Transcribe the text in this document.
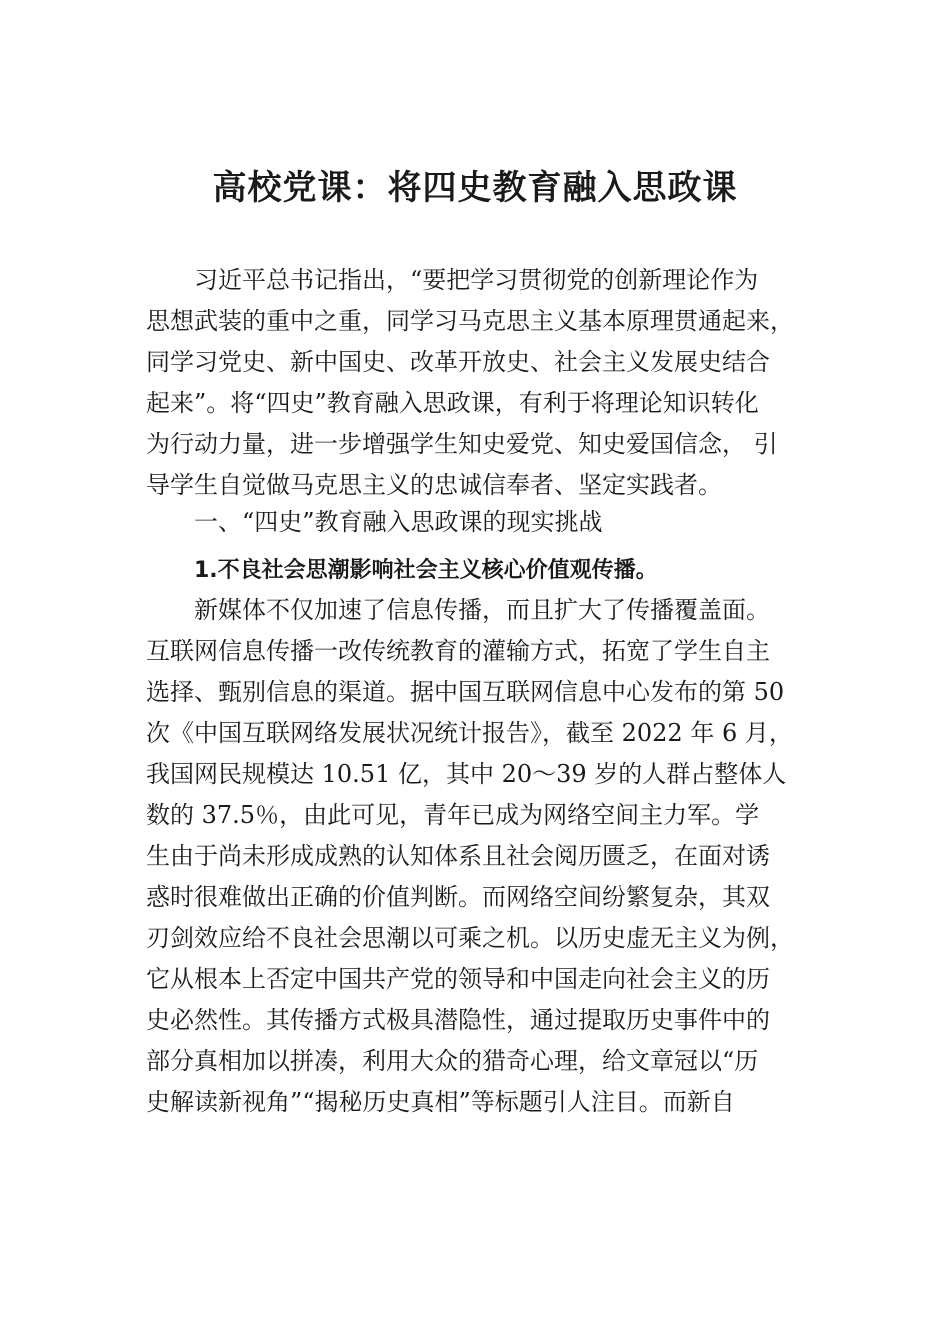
高校党课：将四史教育融入思政课

习近平总书记指出，“要把学习贯彻党的创新理论作为

思想武装的重中之重，同学习马克思主义基本原理贯通起来，

同学习党史、新中国史、改革开放史、社会主义发展史结合

起来”。将“四史”教育融入思政课，有利于将理论知识转化

为行动力量，进一步增强学生知史爱党、知史爱国信念， 引

导学生自觉做马克思主义的忠诚信奉者、坚定实践者。

一、“四史”教育融入思政课的现实挑战

1.不良社会思潮影响社会主义核心价值观传播。

新媒体不仅加速了信息传播，而且扩大了传播覆盖面。

互联网信息传播一改传统教育的灌输方式，拓宽了学生自主

选择、甄别信息的渠道。据中国互联网信息中心发布的第 50

次《中国互联网络发展状况统计报告》，截至 2022 年 6 月，

我国网民规模达 10.51 亿，其中 20～39 岁的人群占整体人

数的 37.5％，由此可见，青年已成为网络空间主力军。学

生由于尚未形成成熟的认知体系且社会阅历匮乏，在面对诱

惑时很难做出正确的价值判断。而网络空间纷繁复杂，其双

刃剑效应给不良社会思潮以可乘之机。以历史虚无主义为例，

它从根本上否定中国共产党的领导和中国走向社会主义的历

史必然性。其传播方式极具潜隐性，通过提取历史事件中的

部分真相加以拼凑，利用大众的猎奇心理，给文章冠以“历

史解读新视角”“揭秘历史真相”等标题引人注目。而新自
